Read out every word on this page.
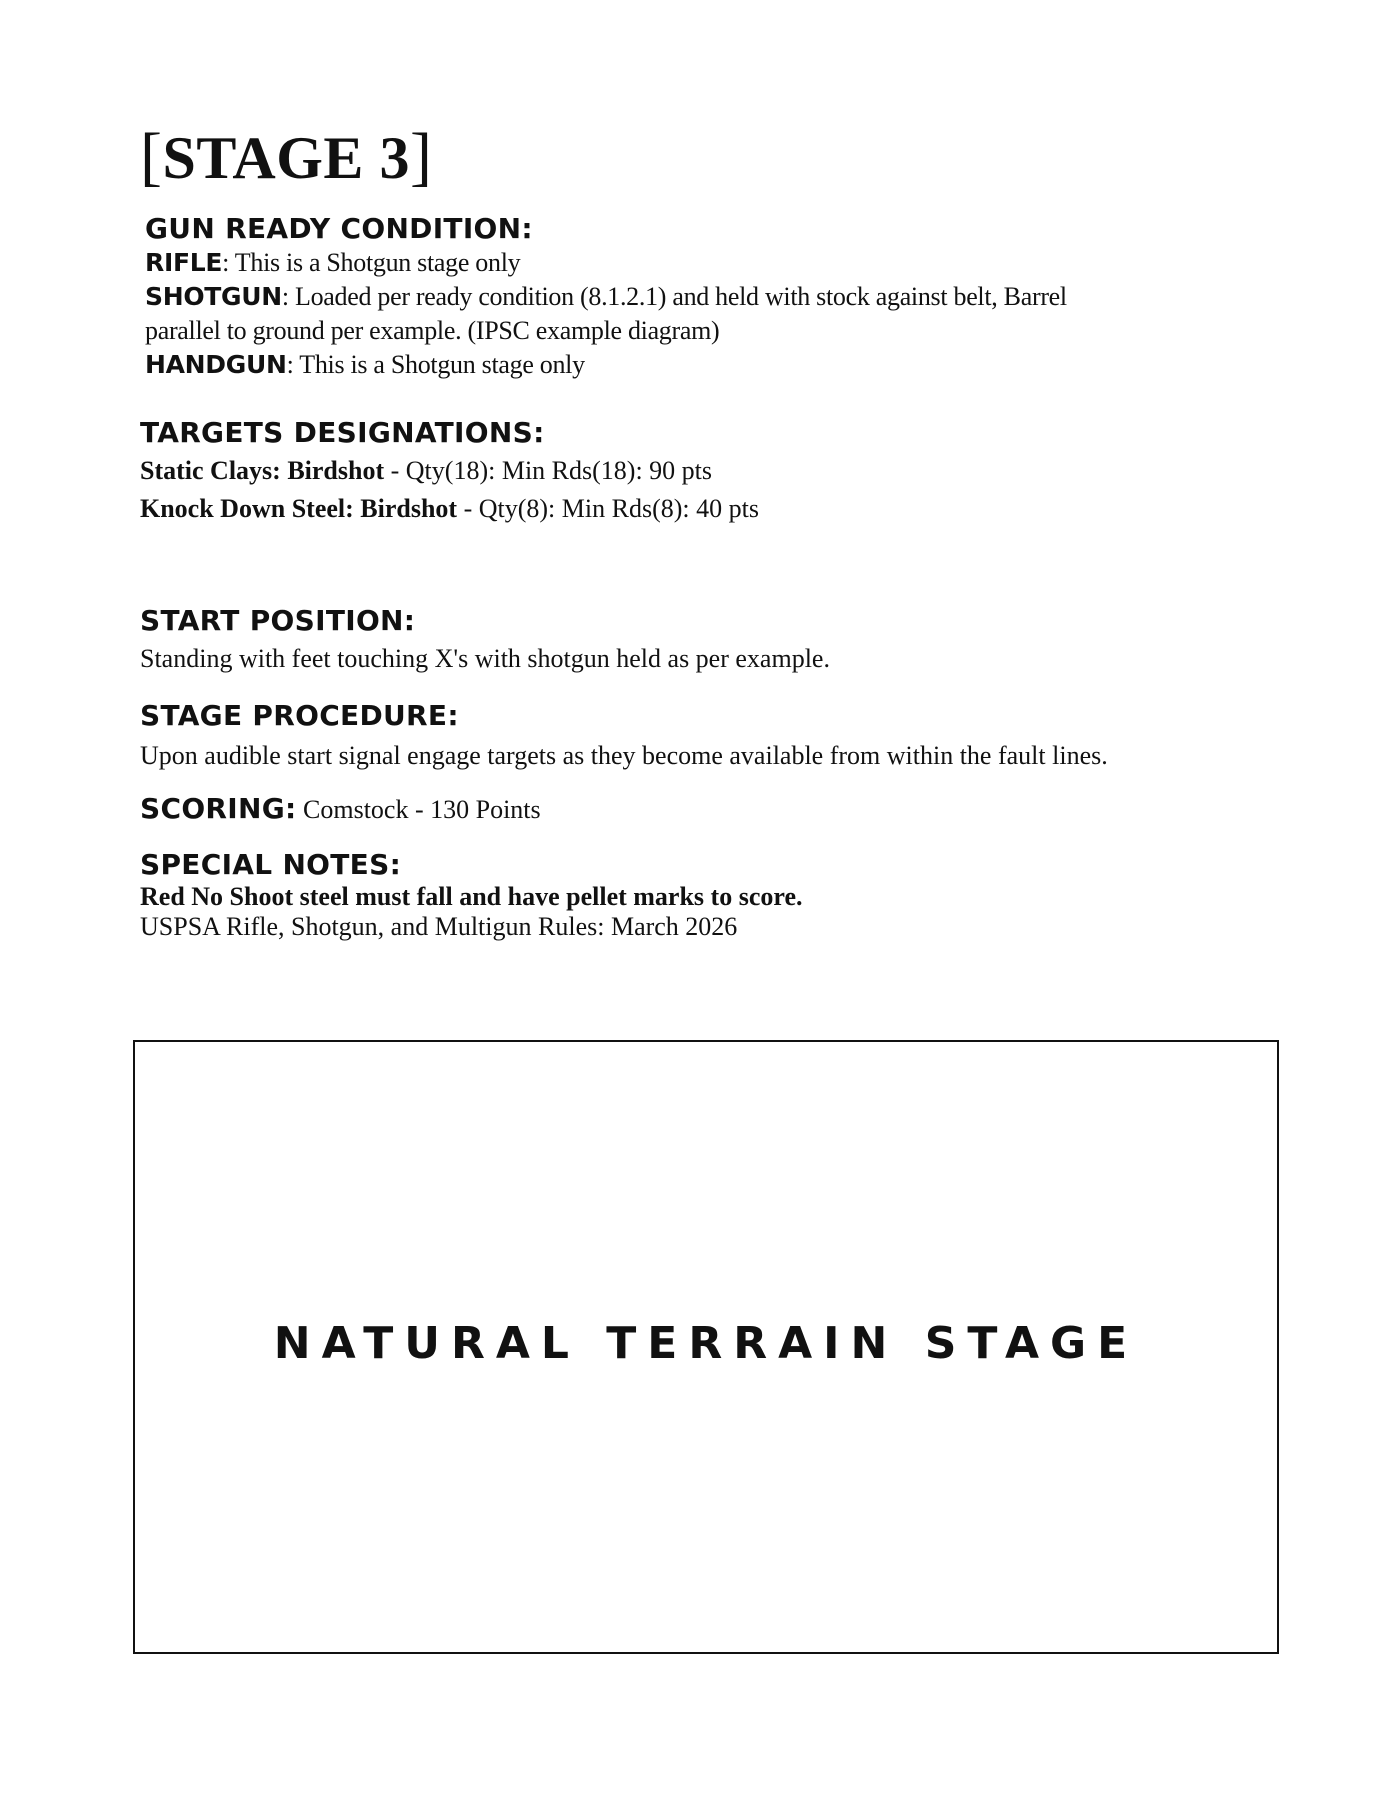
[STAGE 3]

GUN READY CONDITION:

RIFLE: This is a Shotgun stage only

SHOTGUN: Loaded per ready condition (8.1.2.1) and held with stock against belt, Barrel

parallel to ground per example. (IPSC example diagram)

HANDGUN: This is a Shotgun stage only

TARGETS DESIGNATIONS:

Static Clays: Birdshot - Qty(18): Min Rds(18): 90 pts

Knock Down Steel: Birdshot - Qty(8): Min Rds(8): 40 pts

START POSITION:

Standing with feet touching X's with shotgun held as per example.

STAGE PROCEDURE:

Upon audible start signal engage targets as they become available from within the fault lines.

SCORING: Comstock - 130 Points

SPECIAL NOTES:

Red No Shoot steel must fall and have pellet marks to score.

USPSA Rifle, Shotgun, and Multigun Rules: March 2026

NATURAL TERRAIN STAGE
